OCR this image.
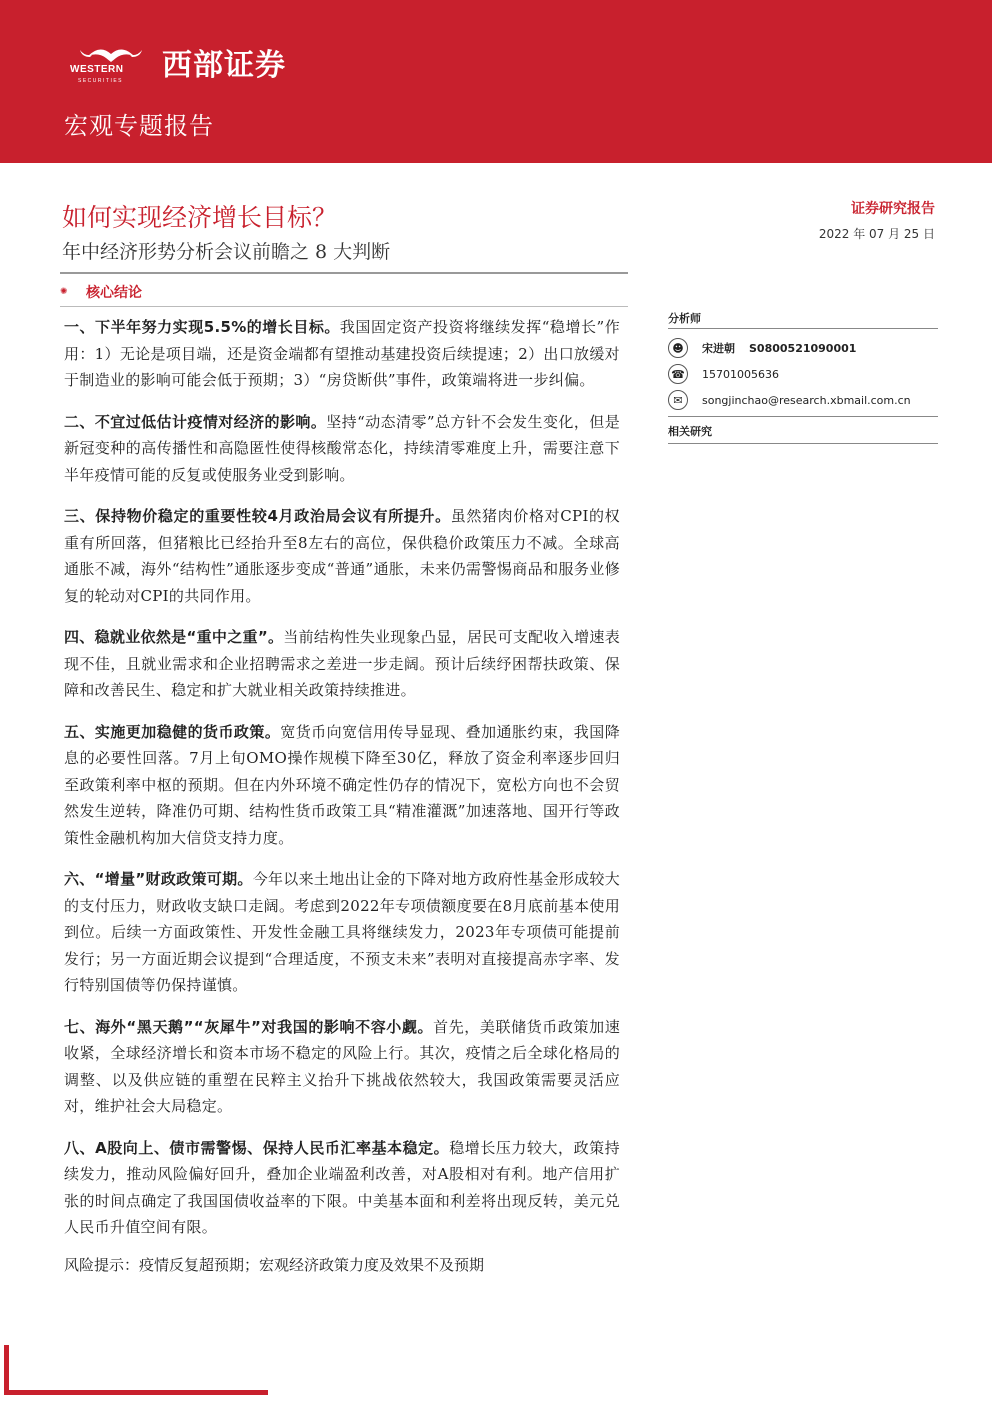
WESTERN
SECURITIES 西部证券
宏观专题报告
如何实现经济增长目标？
年中经济形势分析会议前瞻之 8 大判断
证券研究报告
2022 年 07 月 25 日
✺	核心结论

一、下半年努力实现5.5%的增长目标。我国固定资产投资将继续发挥“稳增长”作用：1）无论是项目端，还是资金端都有望推动基建投资后续提速；2）出口放缓对于制造业的影响可能会低于预期；3）“房贷断供”事件，政策端将进一步纠偏。

二、不宜过低估计疫情对经济的影响。坚持“动态清零”总方针不会发生变化，但是新冠变种的高传播性和高隐匿性使得核酸常态化，持续清零难度上升，需要注意下半年疫情可能的反复或使服务业受到影响。

三、保持物价稳定的重要性较4月政治局会议有所提升。虽然猪肉价格对CPI的权重有所回落，但猪粮比已经抬升至8左右的高位，保供稳价政策压力不减。全球高通胀不减，海外“结构性”通胀逐步变成“普通”通胀，未来仍需警惕商品和服务业修复的轮动对CPI的共同作用。

四、稳就业依然是“重中之重”。当前结构性失业现象凸显，居民可支配收入增速表现不佳，且就业需求和企业招聘需求之差进一步走阔。预计后续纾困帮扶政策、保障和改善民生、稳定和扩大就业相关政策持续推进。

五、实施更加稳健的货币政策。宽货币向宽信用传导显现、叠加通胀约束，我国降息的必要性回落。7月上旬OMO操作规模下降至30亿，释放了资金利率逐步回归至政策利率中枢的预期。但在内外环境不确定性仍存的情况下，宽松方向也不会贸然发生逆转，降准仍可期、结构性货币政策工具“精准灌溉”加速落地、国开行等政策性金融机构加大信贷支持力度。

六、“增量”财政政策可期。今年以来土地出让金的下降对地方政府性基金形成较大的支付压力，财政收支缺口走阔。考虑到2022年专项债额度要在8月底前基本使用到位。后续一方面政策性、开发性金融工具将继续发力，2023年专项债可能提前发行；另一方面近期会议提到“合理适度，不预支未来”表明对直接提高赤字率、发行特别国债等仍保持谨慎。

七、海外“黑天鹅”“灰犀牛”对我国的影响不容小觑。首先，美联储货币政策加速收紧，全球经济增长和资本市场不稳定的风险上行。其次，疫情之后全球化格局的调整、以及供应链的重塑在民粹主义抬升下挑战依然较大，我国政策需要灵活应对，维护社会大局稳定。

八、A股向上、债市需警惕、保持人民币汇率基本稳定。稳增长压力较大，政策持续发力，推动风险偏好回升，叠加企业端盈利改善，对A股相对有利。地产信用扩张的时间点确定了我国国债收益率的下限。中美基本面和利差将出现反转，美元兑人民币升值空间有限。

风险提示：疫情反复超预期；宏观经济政策力度及效果不及预期
分析师
☻	宋进朝 S0800521090001
☎ 15701005636
✉	songjinchao@research.xbmail.com.cn
相关研究
